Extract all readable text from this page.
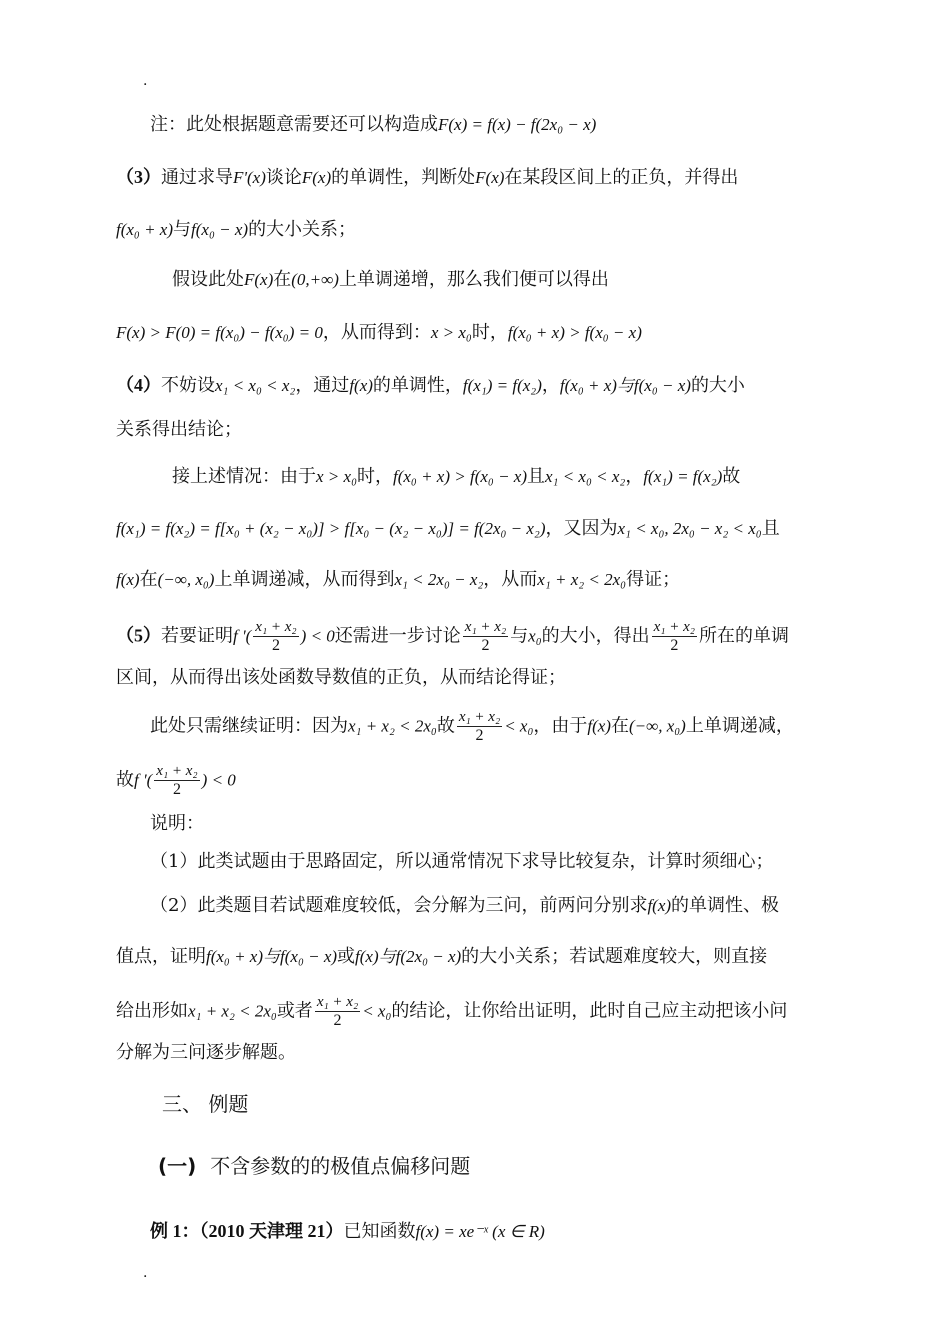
·
注：此处根据题意需要还可以构造成F(x) = f(x) − f(2x₀ − x)
（3）通过求导F'(x)谈论F(x)的单调性，判断处F(x)在某段区间上的正负，并得出
f(x₀ + x)与f(x₀ − x)的大小关系；
假设此处F(x)在(0,+∞)上单调递增，那么我们便可以得出
F(x) > F(0) = f(x₀) − f(x₀) = 0，从而得到：x > x₀时，f(x₀ + x) > f(x₀ − x)
（4）不妨设x₁ < x₀ < x₂，通过f(x)的单调性，f(x₁) = f(x₂)，f(x₀ + x)与f(x₀ − x)的大小
关系得出结论；
接上述情况：由于x > x₀时，f(x₀ + x) > f(x₀ − x)且x₁ < x₀ < x₂，f(x₁) = f(x₂)故
f(x₁) = f(x₂) = f[x₀ + (x₂ − x₀)] > f[x₀ − (x₂ − x₀)] = f(2x₀ − x₂)，又因为x₁ < x₀, 2x₀ − x₂ < x₀且
f(x)在(−∞, x₀)上单调递减，从而得到x₁ < 2x₀ − x₂，从而x₁ + x₂ < 2x₀得证；
（5）若要证明f '( $\frac{\text{x₁ + x₂}}{2}$ ) < 0还需进一步讨论 $\frac{\text{x₁ + x₂}}{2}$ 与x₀的大小，得出 $\frac{\text{x₁ + x₂}}{2}$ 所在的单调
区间，从而得出该处函数导数值的正负，从而结论得证；
此处只需继续证明：因为x₁ + x₂ < 2x₀故 $\frac{\text{x₁ + x₂}}{2} < x_0$，由于f(x)在(−∞, x₀)上单调递减，
故f '( $\frac{\text{x₁ + x₂}}{2}$ ) < 0
说明：
（1）此类试题由于思路固定，所以通常情况下求导比较复杂，计算时须细心；
（2）此类题目若试题难度较低，会分解为三问，前两问分别求f(x)的单调性、极
值点，证明f(x₀ + x)与f(x₀ − x)或f(x)与f(2x₀ − x)的大小关系；若试题难度较大，则直接
给出形如x₁ + x₂ < 2x₀或者 $\frac{\text{x₁ + x₂}}{2} < x_0$的结论，让你给出证明，此时自己应主动把该小问
分解为三问逐步解题。
三、 例题
(一) 不含参数的的极值点偏移问题
例 1：（2010 天津理 21）已知函数f(x) = xe⁻ˣ (x ∈ R)
·
